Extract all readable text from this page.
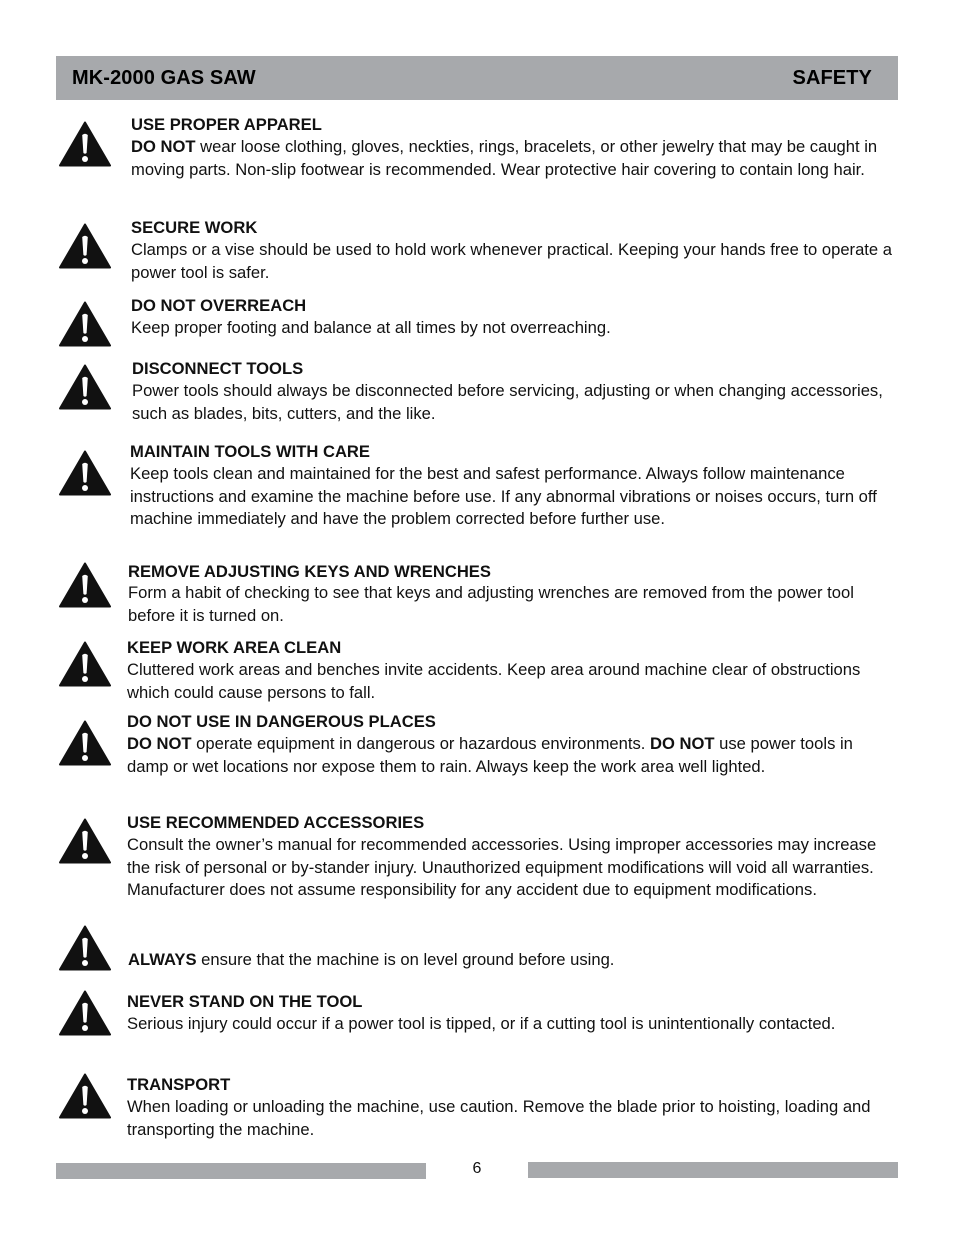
MK-2000 GAS SAW	SAFETY
USE PROPER APPAREL
DO NOT wear loose clothing, gloves, neckties, rings, bracelets, or other jewelry that may be caught in moving parts. Non-slip footwear is recommended. Wear protective hair covering to contain long hair.
SECURE WORK
Clamps or a vise should be used to hold work whenever practical. Keeping your hands free to operate a power tool is safer.
DO NOT OVERREACH
Keep proper footing and balance at all times by not overreaching.
DISCONNECT TOOLS
Power tools should always be disconnected before servicing, adjusting or when changing accessories, such as blades, bits, cutters, and the like.
MAINTAIN TOOLS WITH CARE
Keep tools clean and maintained for the best and safest performance. Always follow maintenance instructions and examine the machine before use. If any abnormal vibrations or noises occurs, turn off machine immediately and have the problem corrected before further use.
REMOVE ADJUSTING KEYS AND WRENCHES
Form a habit of checking to see that keys and adjusting wrenches are removed from the power tool before it is turned on.
KEEP WORK AREA CLEAN
Cluttered work areas and benches invite accidents. Keep area around machine clear of obstructions which could cause persons to fall.
DO NOT USE IN DANGEROUS PLACES
DO NOT operate equipment in dangerous or hazardous environments. DO NOT use power tools in damp or wet locations nor expose them to rain. Always keep the work area well lighted.
USE RECOMMENDED ACCESSORIES
Consult the owner’s manual for recommended accessories. Using improper accessories may increase the risk of personal or by-stander injury. Unauthorized equipment modifications will void all warranties. Manufacturer does not assume responsibility for any accident due to equipment modifications.
ALWAYS ensure that the machine is on level ground before using.
NEVER STAND ON THE TOOL
Serious injury could occur if a power tool is tipped, or if a cutting tool is unintentionally contacted.
TRANSPORT
When loading or unloading the machine, use caution. Remove the blade prior to hoisting, loading and transporting the machine.
6
